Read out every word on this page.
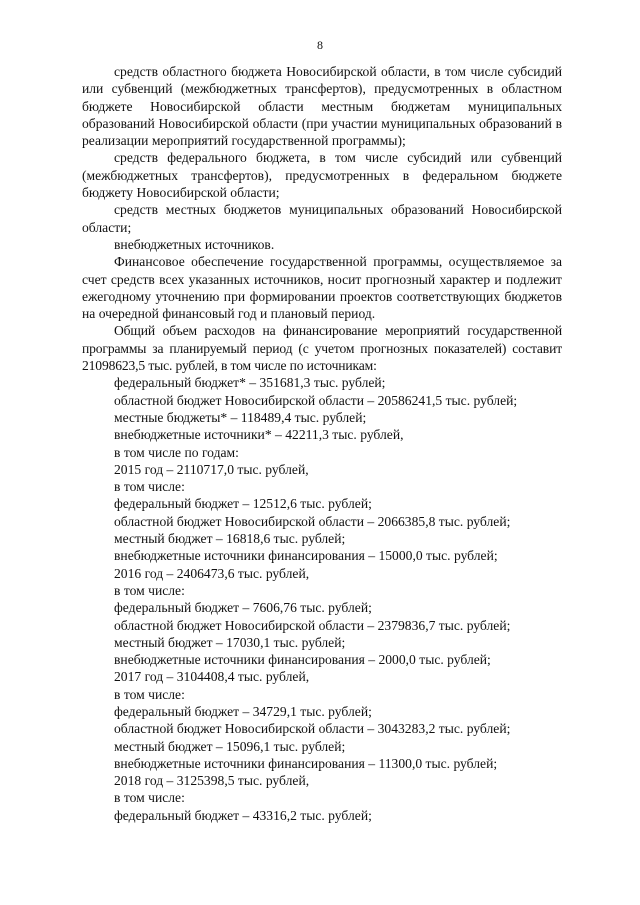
8

средств областного бюджета Новосибирской области, в том числе субсидий или субвенций (межбюджетных трансфертов), предусмотренных в областном бюджете Новосибирской области местным бюджетам муниципальных образований Новосибирской области (при участии муниципальных образований в реализации мероприятий государственной программы);

средств федерального бюджета, в том числе субсидий или субвенций (межбюджетных трансфертов), предусмотренных в федеральном бюджете бюджету Новосибирской области;

средств местных бюджетов муниципальных образований Новосибирской области;

внебюджетных источников.

Финансовое обеспечение государственной программы, осуществляемое за счет средств всех указанных источников, носит прогнозный характер и подлежит ежегодному уточнению при формировании проектов соответствующих бюджетов на очередной финансовый год и плановый период.

Общий объем расходов на финансирование мероприятий государственной программы за планируемый период (с учетом прогнозных показателей) составит 21098623,5 тыс. рублей, в том числе по источникам:

федеральный бюджет* – 351681,3 тыс. рублей;

областной бюджет Новосибирской области – 20586241,5 тыс. рублей;

местные бюджеты* – 118489,4 тыс. рублей;

внебюджетные источники* – 42211,3 тыс. рублей,

в том числе по годам:

2015 год – 2110717,0 тыс. рублей,

в том числе:

федеральный бюджет – 12512,6 тыс. рублей;

областной бюджет Новосибирской области – 2066385,8 тыс. рублей;

местный бюджет – 16818,6 тыс. рублей;

внебюджетные источники финансирования – 15000,0 тыс. рублей;

2016 год – 2406473,6 тыс. рублей,

в том числе:

федеральный бюджет – 7606,76 тыс. рублей;

областной бюджет Новосибирской области – 2379836,7 тыс. рублей;

местный бюджет – 17030,1 тыс. рублей;

внебюджетные источники финансирования – 2000,0 тыс. рублей;

2017 год – 3104408,4 тыс. рублей,

в том числе:

федеральный бюджет – 34729,1 тыс. рублей;

областной бюджет Новосибирской области – 3043283,2 тыс. рублей;

местный бюджет – 15096,1 тыс. рублей;

внебюджетные источники финансирования – 11300,0 тыс. рублей;

2018 год – 3125398,5 тыс. рублей,

в том числе:

федеральный бюджет – 43316,2 тыс. рублей;
